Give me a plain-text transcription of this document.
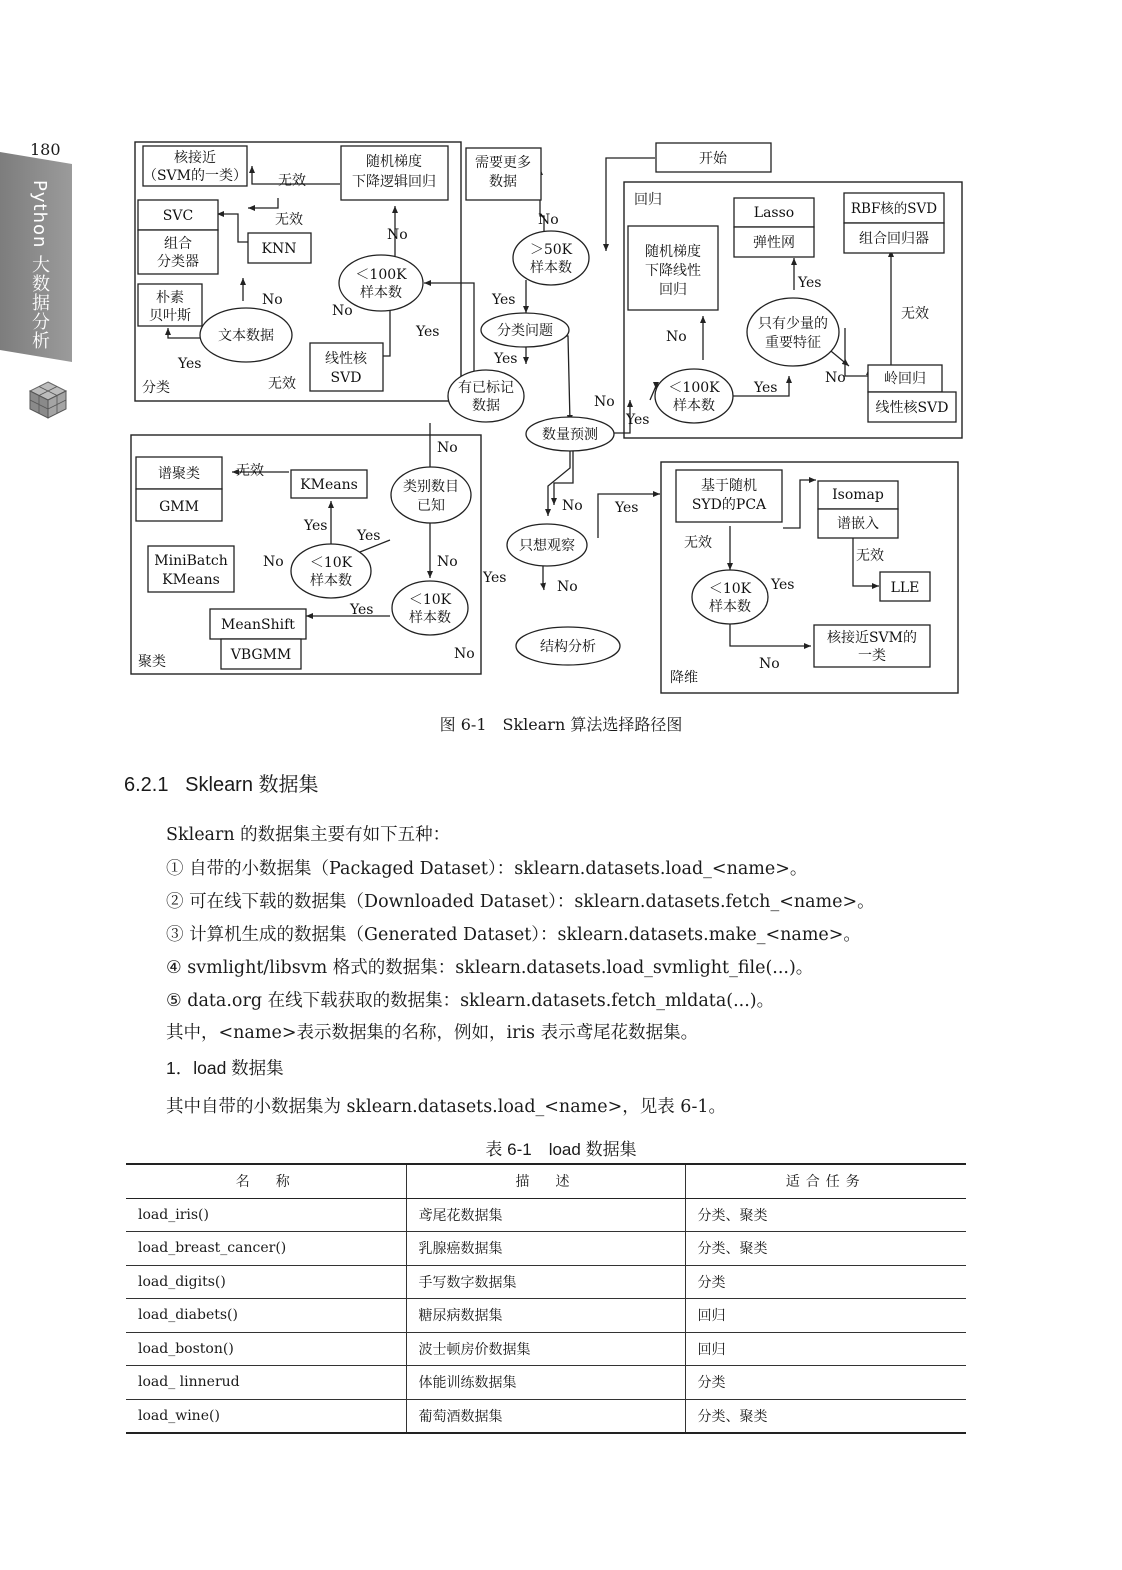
180
Python 大数据分析
分类
回归
聚类
降维
核接近
（SVM的一类）
随机梯度
下降逻辑回归
SVC
组合
分类器
KNN
朴素
贝叶斯
文本数据
＜100K
样本数
线性核
SVD
需要更多
数据
开始
＞50K
样本数
分类问题
有已标记
数据
数量预测
只想观察
结构分析
类别数目
已知
KMeans
谱聚类
GMM
＜10K
样本数
MiniBatch
KMeans
＜10K
样本数
MeanShift
VBGMM
随机梯度
下降线性
回归
＜100K
样本数
只有少量的
重要特征
Lasso
弹性网
RBF核的SVD
组合回归器
岭回归
线性核SVD
基于随机
SYD的PCA
Isomap
谱嵌入
＜10K
样本数
LLE
核接近SVM的
一类
No
Yes
Yes
No
无效
无效
No
No
Yes
Yes
无效
No
Yes
No
Yes
Yes
No
无效
No
无效
Yes
Yes
No	No
Yes
Yes
No
No Yes
No
无效
Yes
无效
No
图 6-1　Sklearn 算法选择路径图
6.2.1 Sklearn 数据集
Sklearn 的数据集主要有如下五种：
① 自带的小数据集（Packaged Dataset）：sklearn.datasets.load_<name>。
② 可在线下载的数据集（Downloaded Dataset）：sklearn.datasets.fetch_<name>。
③ 计算机生成的数据集（Generated Dataset）：sklearn.datasets.make_<name>。
④ svmlight/libsvm 格式的数据集：sklearn.datasets.load_svmlight_file(...)。
⑤ data.org 在线下载获取的数据集：sklearn.datasets.fetch_mldata(...)。
其中，<name>表示数据集的名称，例如，iris 表示鸢尾花数据集。
1．load 数据集
其中自带的小数据集为 sklearn.datasets.load_<name>，见表 6-1。
表 6-1　load 数据集
名　称	描　述	适合任务
load_iris()	鸢尾花数据集	分类、聚类
load_breast_cancer()	乳腺癌数据集	分类、聚类
load_digits()	手写数字数据集	分类
load_diabets()	糖尿病数据集	回归
load_boston()	波士顿房价数据集	回归
load_ linnerud	体能训练数据集	分类
load_wine()	葡萄酒数据集	分类、聚类
